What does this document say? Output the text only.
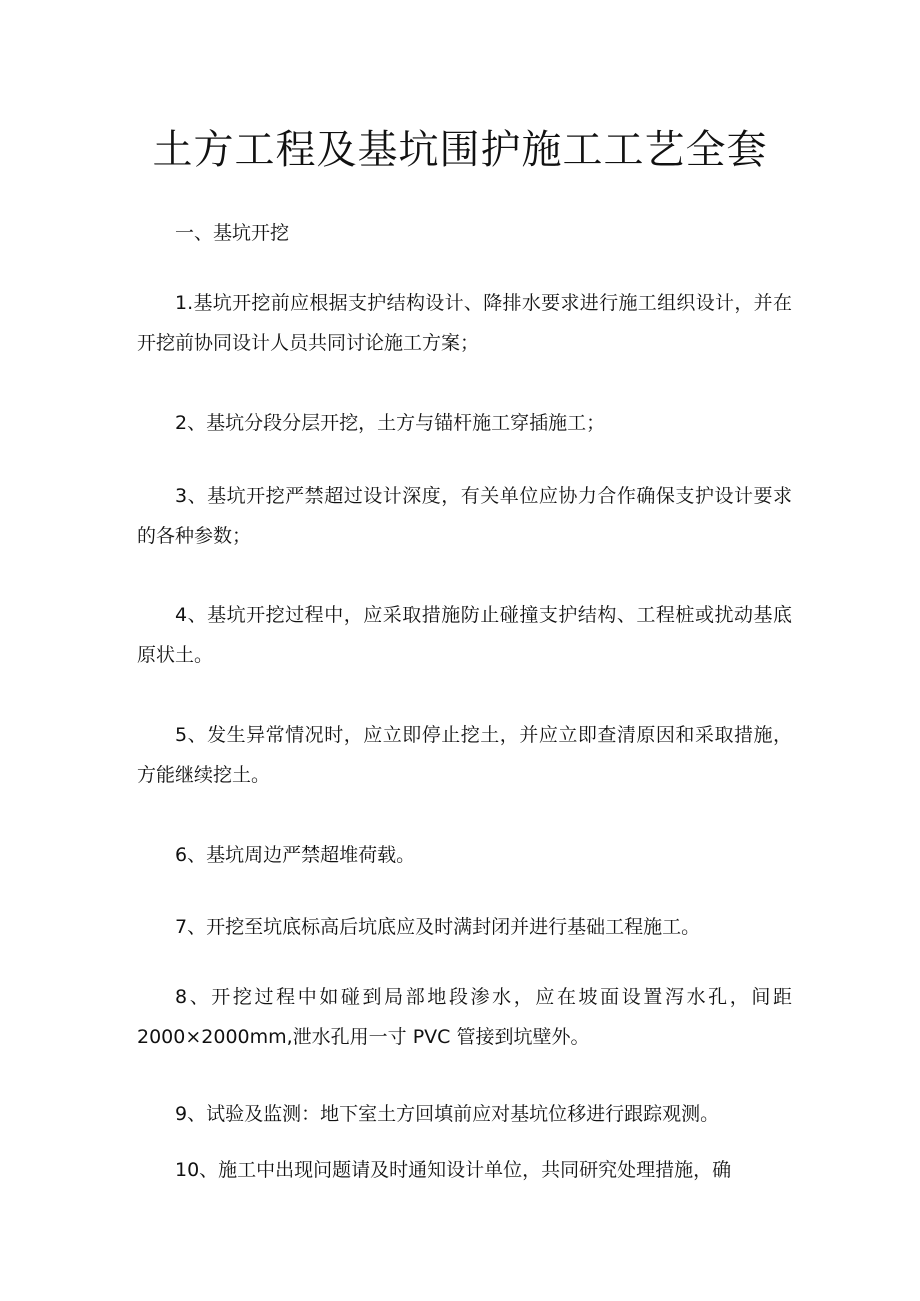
土方工程及基坑围护施工工艺全套

一、基坑开挖

1.基坑开挖前应根据支护结构设计、降排水要求进行施工组织设计，并在开挖前协同设计人员共同讨论施工方案；

2、基坑分段分层开挖，土方与锚杆施工穿插施工；

3、基坑开挖严禁超过设计深度，有关单位应协力合作确保支护设计要求的各种参数；

4、基坑开挖过程中，应采取措施防止碰撞支护结构、工程桩或扰动基底原状土。

5、发生异常情况时，应立即停止挖土，并应立即查清原因和采取措施，方能继续挖土。

6、基坑周边严禁超堆荷载。

7、开挖至坑底标高后坑底应及时满封闭并进行基础工程施工。

8、开挖过程中如碰到局部地段渗水，应在坡面设置泻水孔，间距2000×2000mm,泄水孔用一寸 PVC 管接到坑壁外。

9、试验及监测：地下室土方回填前应对基坑位移进行跟踪观测。

10、施工中出现问题请及时通知设计单位，共同研究处理措施，确
